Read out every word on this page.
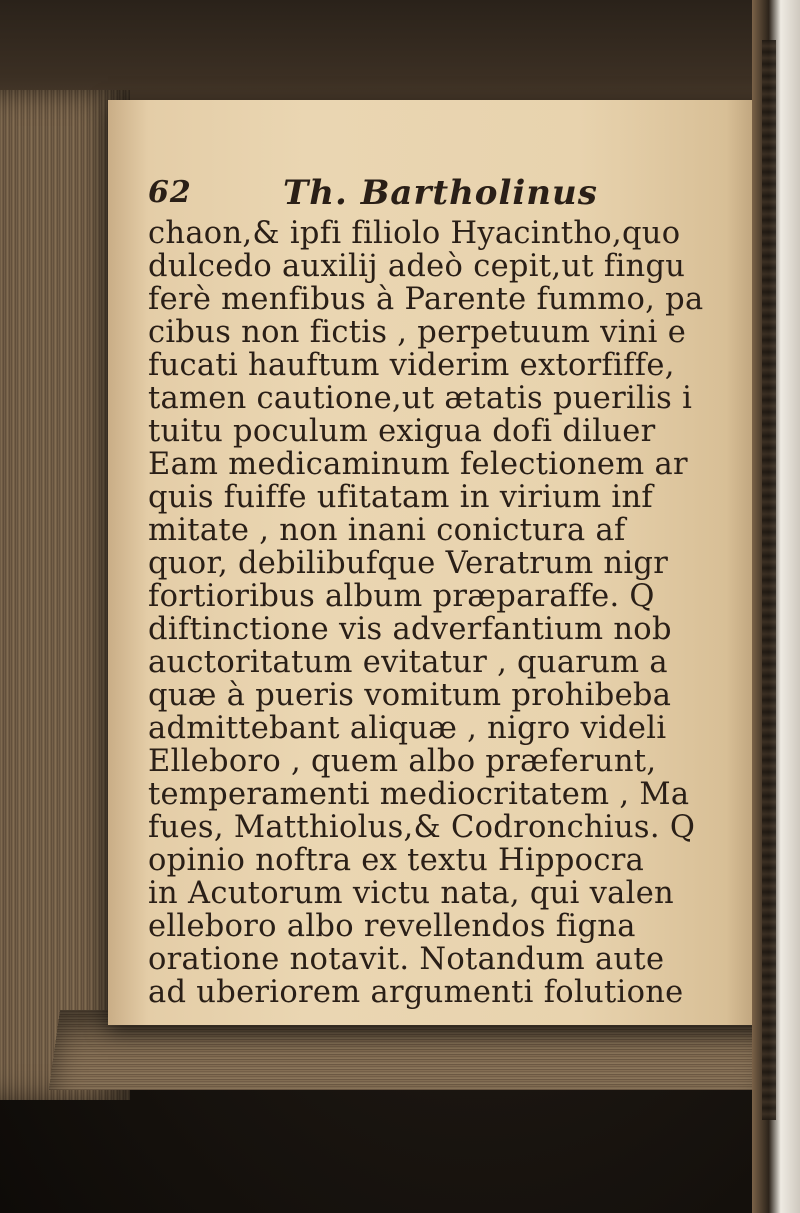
62	Th. Bartholinus
chaon,& ipfi filiolo Hyacintho,quo
dulcedo auxilij adeò cepit,ut fingu
ferè menfibus à Parente fummo, pa
cibus non fictis , perpetuum vini e
fucati hauftum viderim extorfiffe,
tamen cautione,ut ætatis puerilis i
tuitu poculum exigua dofi diluer
Eam medicaminum felectionem ar
quis fuiffe ufitatam in virium inf
mitate , non inani conictura af
quor, debilibufque Veratrum nigr
fortioribus album præparaffe. Q
diftinctione vis adverfantium nob
auctoritatum evitatur , quarum a
quæ à pueris vomitum prohibeba
admittebant aliquæ , nigro videli
Elleboro , quem albo præferunt,
temperamenti mediocritatem , Ma
fues, Matthiolus,& Codronchius. Q
opinio noftra ex textu Hippocra
in Acutorum victu nata, qui valen
elleboro albo revellendos figna
oratione notavit. Notandum aute
ad uberiorem argumenti folutione
